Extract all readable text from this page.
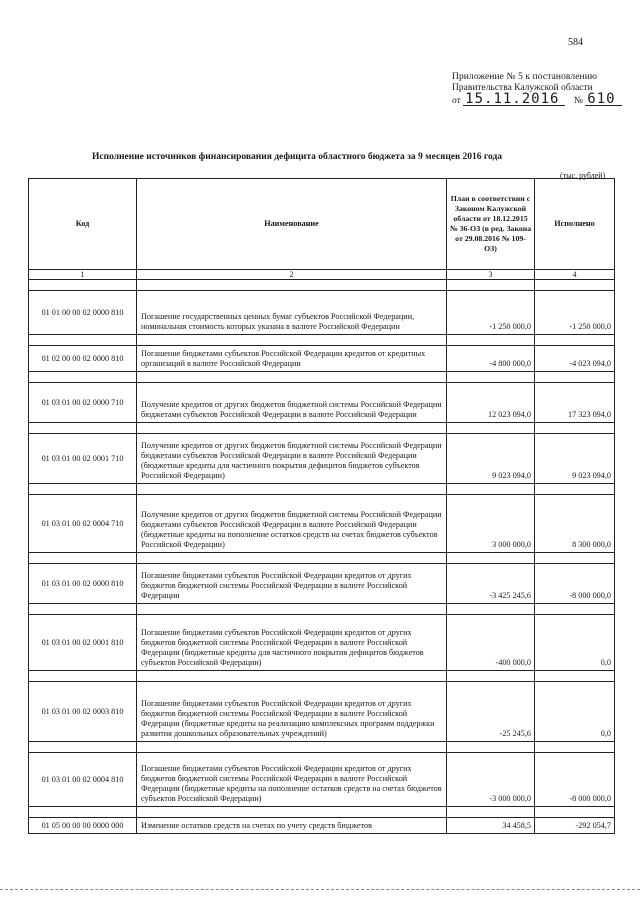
584
Приложение № 5 к постановлению
Правительства Калужской области
от 15.11.2016 № 610
Исполнение источников финансирования дефицита областного бюджета за 9 месяцев 2016 года
(тыс. рублей)
Код	Наименование	План в соответствии с Законом Калужской области от 18.12.2015 № 36-ОЗ (в ред. Закона от 29.08.2016 № 109-ОЗ)	Исполнено
1	2	3	4

01 01 00 00 02 0000 810	Погашение государственных ценных бумаг субъектов Российской Федерации, номинальная стоимость которых указана в валюте Российской Федерации	-1 250 000,0	-1 250 000,0

01 02 00 00 02 0000 810	Погашение бюджетами субъектов Российской Федерации кредитов от кредитных организаций в валюте Российской Федерации	-4 800 000,0	-4 023 094,0

01 03 01 00 02 0000 710	Получение кредитов от других бюджетов бюджетной системы Российской Федерации бюджетами субъектов Российской Федерации в валюте Российской Федерации	12 023 094,0	17 323 094,0

01 03 01 00 02 0001 710	Получение кредитов от других бюджетов бюджетной системы Российской Федерации бюджетами субъектов Российской Федерации в валюте Российской Федерации (бюджетные кредиты для частичного покрытия дефицитов бюджетов субъектов Российской Федерации)	9 023 094,0	9 023 094,0

01 03 01 00 02 0004 710	Получение кредитов от других бюджетов бюджетной системы Российской Федерации бюджетами субъектов Российской Федерации в валюте Российской Федерации (бюджетные кредиты на пополнение остатков средств на счетах бюджетов субъектов Российской Федерации)	3 000 000,0	8 300 000,0

01 03 01 00 02 0000 810	Погашение бюджетами субъектов Российской Федерации кредитов от других бюджетов бюджетной системы Российской Федерации в валюте Российской Федерации	-3 425 245,6	-8 000 000,0

01 03 01 00 02 0001 810	Погашение бюджетами субъектов Российской Федерации кредитов от других бюджетов бюджетной системы Российской Федерации в валюте Российской Федерации (бюджетные кредиты для частичного покрытия дефицитов бюджетов субъектов Российской Федерации)	-400 000,0	0,0

01 03 01 00 02 0003 810	Погашение бюджетами субъектов Российской Федерации кредитов от других бюджетов бюджетной системы Российской Федерации в валюте Российской Федерации (бюджетные кредиты на реализацию комплексных программ поддержки развития дошкольных образовательных учреждений)	-25 245,6	0,0

01 03 01 00 02 0004 810	Погашение бюджетами субъектов Российской Федерации кредитов от других бюджетов бюджетной системы Российской Федерации в валюте Российской Федерации (бюджетные кредиты на пополнение остатков средств на счетах бюджетов субъектов Российской Федерации)	-3 000 000,0	-8 000 000,0

01 05 00 00 00 0000 000	Изменение остатков средств на счетах по учету средств бюджетов	34 458,5	-292 054,7
